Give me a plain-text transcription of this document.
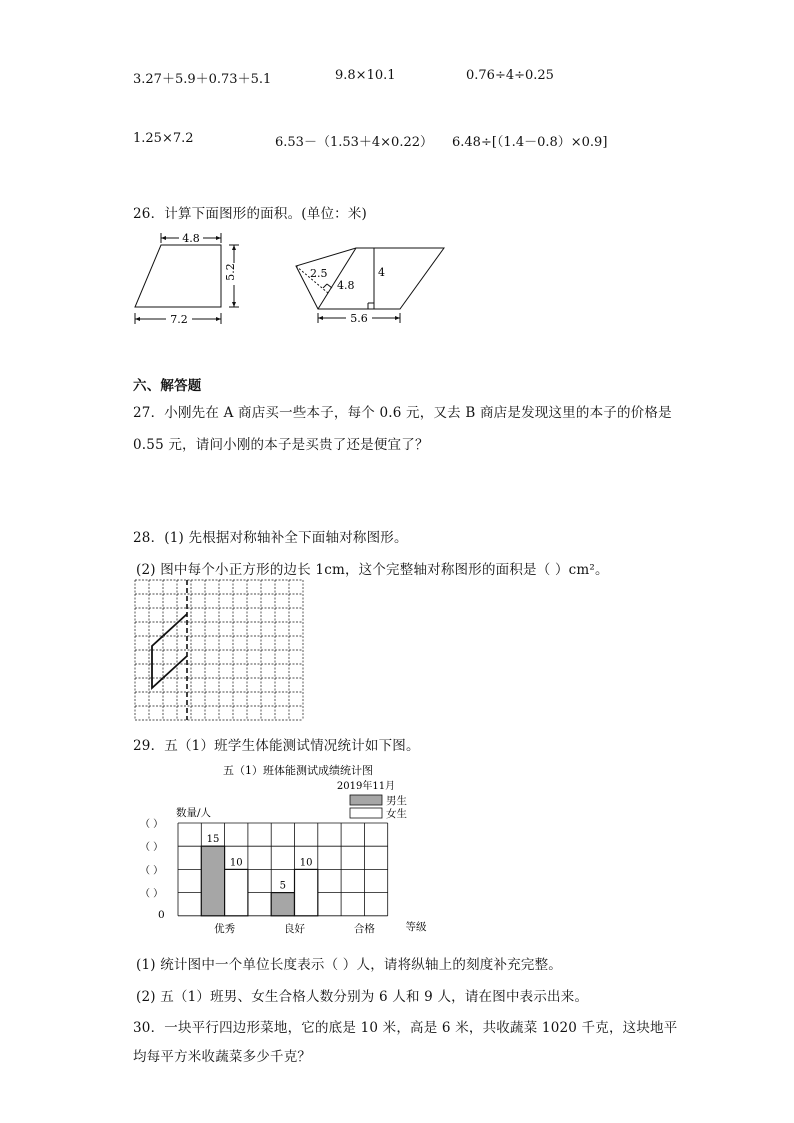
3.27＋5.9＋0.73＋5.1	9.8×10.1	0.76÷4÷0.25
1.25×7.2	6.53－（1.53＋4×0.22） 6.48÷[（1.4－0.8）×0.9]
26．计算下面图形的面积。(单位：米)
4.8
5.2
7.2
2.5
4.8
4
5.6
六、解答题
27．小刚先在 A 商店买一些本子，每个 0.6 元，又去 B 商店是发现这里的本子的价格是
0.55 元，请问小刚的本子是买贵了还是便宜了？
28．(1) 先根据对称轴补全下面轴对称图形。
(2) 图中每个小正方形的边长 1cm，这个完整轴对称图形的面积是（ ）cm²。
29．五（1）班学生体能测试情况统计如下图。
五（1）班体能测试成绩统计图
2019年11月
男生
女生
数量/人
（ ）
（ ）
（ ）
（ ）
15
10
优秀
5
10
良好	合格
0
等级
(1) 统计图中一个单位长度表示（ ）人，请将纵轴上的刻度补充完整。
(2) 五（1）班男、女生合格人数分别为 6 人和 9 人，请在图中表示出来。
30．一块平行四边形菜地，它的底是 10 米，高是 6 米，共收蔬菜 1020 千克，这块地平
均每平方米收蔬菜多少千克？
